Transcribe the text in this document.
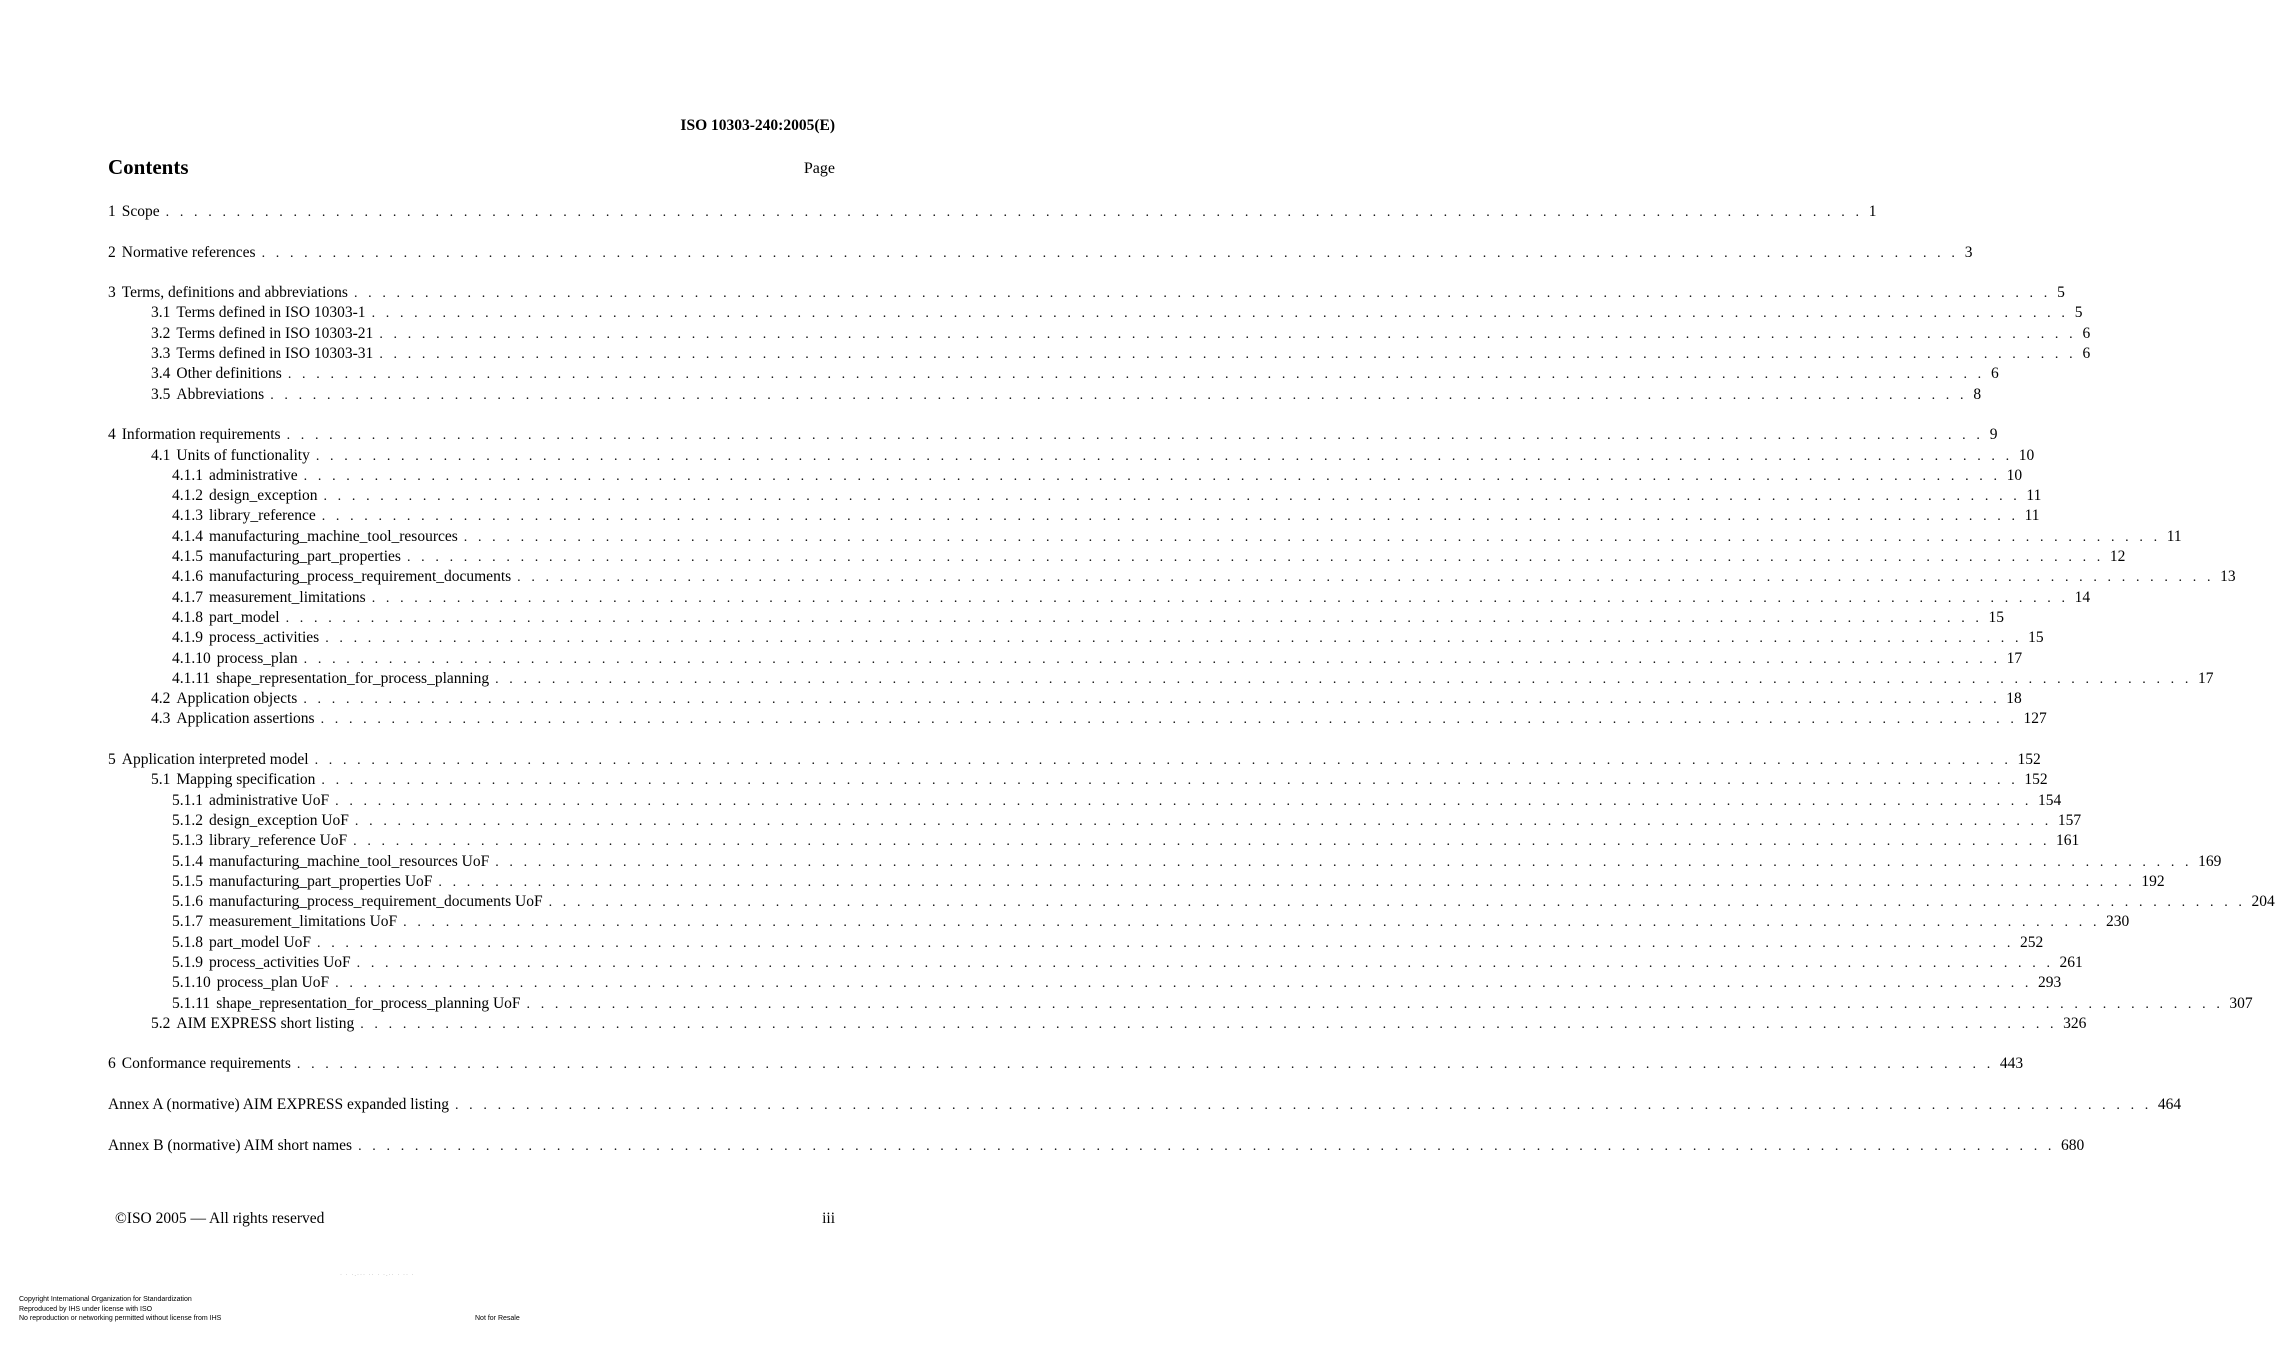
ISO 10303-240:2005(E)
Contents	Page
1 Scope . . . . . . . . . . . . . . . . . . . . . . . . . . . . . . . . . . . . . . . . . . . . . . . . . . . . . . . . . . . . . . . . . . . . . . . . . . . . . . . . . . . . . . . . . . . . . . . . . . . . . . . . . . . . . . . . . . . . . . . . 1
2 Normative references . . . . . . . . . . . . . . . . . . . . . . . . . . . . . . . . . . . . . . . . . . . . . . . . . . . . . . . . . . . . . . . . . . . . . . . . . . . . . . . . . . . . . . . . . . . . . . . . . . . . . . . . . . . . . . . . . . . . . . . . 3
3 Terms, definitions and abbreviations . . . . . . . . . . . . . . . . . . . . . . . . . . . . . . . . . . . . . . . . . . . . . . . . . . . . . . . . . . . . . . . . . . . . . . . . . . . . . . . . . . . . . . . . . . . . . . . . . . . . . . . . . . . . . . . . . . . . . . . . 5
3.1 Terms defined in ISO 10303-1 . . . . . . . . . . . . . . . . . . . . . . . . . . . . . . . . . . . . . . . . . . . . . . . . . . . . . . . . . . . . . . . . . . . . . . . . . . . . . . . . . . . . . . . . . . . . . . . . . . . . . . . . . . . . . . . . . . . . . . . . 5
3.2 Terms defined in ISO 10303-21 . . . . . . . . . . . . . . . . . . . . . . . . . . . . . . . . . . . . . . . . . . . . . . . . . . . . . . . . . . . . . . . . . . . . . . . . . . . . . . . . . . . . . . . . . . . . . . . . . . . . . . . . . . . . . . . . . . . . . . . . 6
3.3 Terms defined in ISO 10303-31 . . . . . . . . . . . . . . . . . . . . . . . . . . . . . . . . . . . . . . . . . . . . . . . . . . . . . . . . . . . . . . . . . . . . . . . . . . . . . . . . . . . . . . . . . . . . . . . . . . . . . . . . . . . . . . . . . . . . . . . . 6
3.4 Other definitions . . . . . . . . . . . . . . . . . . . . . . . . . . . . . . . . . . . . . . . . . . . . . . . . . . . . . . . . . . . . . . . . . . . . . . . . . . . . . . . . . . . . . . . . . . . . . . . . . . . . . . . . . . . . . . . . . . . . . . . . 6
3.5 Abbreviations . . . . . . . . . . . . . . . . . . . . . . . . . . . . . . . . . . . . . . . . . . . . . . . . . . . . . . . . . . . . . . . . . . . . . . . . . . . . . . . . . . . . . . . . . . . . . . . . . . . . . . . . . . . . . . . . . . . . . . . . 8
4 Information requirements . . . . . . . . . . . . . . . . . . . . . . . . . . . . . . . . . . . . . . . . . . . . . . . . . . . . . . . . . . . . . . . . . . . . . . . . . . . . . . . . . . . . . . . . . . . . . . . . . . . . . . . . . . . . . . . . . . . . . . . . 9
4.1 Units of functionality . . . . . . . . . . . . . . . . . . . . . . . . . . . . . . . . . . . . . . . . . . . . . . . . . . . . . . . . . . . . . . . . . . . . . . . . . . . . . . . . . . . . . . . . . . . . . . . . . . . . . . . . . . . . . . . . . . . . . . . . 10
4.1.1 administrative . . . . . . . . . . . . . . . . . . . . . . . . . . . . . . . . . . . . . . . . . . . . . . . . . . . . . . . . . . . . . . . . . . . . . . . . . . . . . . . . . . . . . . . . . . . . . . . . . . . . . . . . . . . . . . . . . . . . . . . . 10
4.1.2 design_exception . . . . . . . . . . . . . . . . . . . . . . . . . . . . . . . . . . . . . . . . . . . . . . . . . . . . . . . . . . . . . . . . . . . . . . . . . . . . . . . . . . . . . . . . . . . . . . . . . . . . . . . . . . . . . . . . . . . . . . . . 11
4.1.3 library_reference . . . . . . . . . . . . . . . . . . . . . . . . . . . . . . . . . . . . . . . . . . . . . . . . . . . . . . . . . . . . . . . . . . . . . . . . . . . . . . . . . . . . . . . . . . . . . . . . . . . . . . . . . . . . . . . . . . . . . . . . 11
4.1.4 manufacturing_machine_tool_resources . . . . . . . . . . . . . . . . . . . . . . . . . . . . . . . . . . . . . . . . . . . . . . . . . . . . . . . . . . . . . . . . . . . . . . . . . . . . . . . . . . . . . . . . . . . . . . . . . . . . . . . . . . . . . . . . . . . . . . . . 11
4.1.5 manufacturing_part_properties . . . . . . . . . . . . . . . . . . . . . . . . . . . . . . . . . . . . . . . . . . . . . . . . . . . . . . . . . . . . . . . . . . . . . . . . . . . . . . . . . . . . . . . . . . . . . . . . . . . . . . . . . . . . . . . . . . . . . . . . 12
4.1.6 manufacturing_process_requirement_documents . . . . . . . . . . . . . . . . . . . . . . . . . . . . . . . . . . . . . . . . . . . . . . . . . . . . . . . . . . . . . . . . . . . . . . . . . . . . . . . . . . . . . . . . . . . . . . . . . . . . . . . . . . . . . . . . . . . . . . . . 13
4.1.7 measurement_limitations . . . . . . . . . . . . . . . . . . . . . . . . . . . . . . . . . . . . . . . . . . . . . . . . . . . . . . . . . . . . . . . . . . . . . . . . . . . . . . . . . . . . . . . . . . . . . . . . . . . . . . . . . . . . . . . . . . . . . . . . 14
4.1.8 part_model . . . . . . . . . . . . . . . . . . . . . . . . . . . . . . . . . . . . . . . . . . . . . . . . . . . . . . . . . . . . . . . . . . . . . . . . . . . . . . . . . . . . . . . . . . . . . . . . . . . . . . . . . . . . . . . . . . . . . . . . 15
4.1.9 process_activities . . . . . . . . . . . . . . . . . . . . . . . . . . . . . . . . . . . . . . . . . . . . . . . . . . . . . . . . . . . . . . . . . . . . . . . . . . . . . . . . . . . . . . . . . . . . . . . . . . . . . . . . . . . . . . . . . . . . . . . . 15
4.1.10 process_plan . . . . . . . . . . . . . . . . . . . . . . . . . . . . . . . . . . . . . . . . . . . . . . . . . . . . . . . . . . . . . . . . . . . . . . . . . . . . . . . . . . . . . . . . . . . . . . . . . . . . . . . . . . . . . . . . . . . . . . . . 17
4.1.11 shape_representation_for_process_planning . . . . . . . . . . . . . . . . . . . . . . . . . . . . . . . . . . . . . . . . . . . . . . . . . . . . . . . . . . . . . . . . . . . . . . . . . . . . . . . . . . . . . . . . . . . . . . . . . . . . . . . . . . . . . . . . . . . . . . . . 17
4.2 Application objects . . . . . . . . . . . . . . . . . . . . . . . . . . . . . . . . . . . . . . . . . . . . . . . . . . . . . . . . . . . . . . . . . . . . . . . . . . . . . . . . . . . . . . . . . . . . . . . . . . . . . . . . . . . . . . . . . . . . . . . . 18
4.3 Application assertions . . . . . . . . . . . . . . . . . . . . . . . . . . . . . . . . . . . . . . . . . . . . . . . . . . . . . . . . . . . . . . . . . . . . . . . . . . . . . . . . . . . . . . . . . . . . . . . . . . . . . . . . . . . . . . . . . . . . . . . . 127
5 Application interpreted model . . . . . . . . . . . . . . . . . . . . . . . . . . . . . . . . . . . . . . . . . . . . . . . . . . . . . . . . . . . . . . . . . . . . . . . . . . . . . . . . . . . . . . . . . . . . . . . . . . . . . . . . . . . . . . . . . . . . . . . . 152
5.1 Mapping specification . . . . . . . . . . . . . . . . . . . . . . . . . . . . . . . . . . . . . . . . . . . . . . . . . . . . . . . . . . . . . . . . . . . . . . . . . . . . . . . . . . . . . . . . . . . . . . . . . . . . . . . . . . . . . . . . . . . . . . . . 152
5.1.1 administrative UoF . . . . . . . . . . . . . . . . . . . . . . . . . . . . . . . . . . . . . . . . . . . . . . . . . . . . . . . . . . . . . . . . . . . . . . . . . . . . . . . . . . . . . . . . . . . . . . . . . . . . . . . . . . . . . . . . . . . . . . . . 154
5.1.2 design_exception UoF . . . . . . . . . . . . . . . . . . . . . . . . . . . . . . . . . . . . . . . . . . . . . . . . . . . . . . . . . . . . . . . . . . . . . . . . . . . . . . . . . . . . . . . . . . . . . . . . . . . . . . . . . . . . . . . . . . . . . . . . 157
5.1.3 library_reference UoF . . . . . . . . . . . . . . . . . . . . . . . . . . . . . . . . . . . . . . . . . . . . . . . . . . . . . . . . . . . . . . . . . . . . . . . . . . . . . . . . . . . . . . . . . . . . . . . . . . . . . . . . . . . . . . . . . . . . . . . . 161
5.1.4 manufacturing_machine_tool_resources UoF . . . . . . . . . . . . . . . . . . . . . . . . . . . . . . . . . . . . . . . . . . . . . . . . . . . . . . . . . . . . . . . . . . . . . . . . . . . . . . . . . . . . . . . . . . . . . . . . . . . . . . . . . . . . . . . . . . . . . . . . 169
5.1.5 manufacturing_part_properties UoF . . . . . . . . . . . . . . . . . . . . . . . . . . . . . . . . . . . . . . . . . . . . . . . . . . . . . . . . . . . . . . . . . . . . . . . . . . . . . . . . . . . . . . . . . . . . . . . . . . . . . . . . . . . . . . . . . . . . . . . . 192
5.1.6 manufacturing_process_requirement_documents UoF . . . . . . . . . . . . . . . . . . . . . . . . . . . . . . . . . . . . . . . . . . . . . . . . . . . . . . . . . . . . . . . . . . . . . . . . . . . . . . . . . . . . . . . . . . . . . . . . . . . . . . . . . . . . . . . . . . . . . . . . 204
5.1.7 measurement_limitations UoF . . . . . . . . . . . . . . . . . . . . . . . . . . . . . . . . . . . . . . . . . . . . . . . . . . . . . . . . . . . . . . . . . . . . . . . . . . . . . . . . . . . . . . . . . . . . . . . . . . . . . . . . . . . . . . . . . . . . . . . . 230
5.1.8 part_model UoF . . . . . . . . . . . . . . . . . . . . . . . . . . . . . . . . . . . . . . . . . . . . . . . . . . . . . . . . . . . . . . . . . . . . . . . . . . . . . . . . . . . . . . . . . . . . . . . . . . . . . . . . . . . . . . . . . . . . . . . . 252
5.1.9 process_activities UoF . . . . . . . . . . . . . . . . . . . . . . . . . . . . . . . . . . . . . . . . . . . . . . . . . . . . . . . . . . . . . . . . . . . . . . . . . . . . . . . . . . . . . . . . . . . . . . . . . . . . . . . . . . . . . . . . . . . . . . . . 261
5.1.10 process_plan UoF . . . . . . . . . . . . . . . . . . . . . . . . . . . . . . . . . . . . . . . . . . . . . . . . . . . . . . . . . . . . . . . . . . . . . . . . . . . . . . . . . . . . . . . . . . . . . . . . . . . . . . . . . . . . . . . . . . . . . . . . 293
5.1.11 shape_representation_for_process_planning UoF . . . . . . . . . . . . . . . . . . . . . . . . . . . . . . . . . . . . . . . . . . . . . . . . . . . . . . . . . . . . . . . . . . . . . . . . . . . . . . . . . . . . . . . . . . . . . . . . . . . . . . . . . . . . . . . . . . . . . . . . 307
5.2 AIM EXPRESS short listing . . . . . . . . . . . . . . . . . . . . . . . . . . . . . . . . . . . . . . . . . . . . . . . . . . . . . . . . . . . . . . . . . . . . . . . . . . . . . . . . . . . . . . . . . . . . . . . . . . . . . . . . . . . . . . . . . . . . . . . . 326
6 Conformance requirements . . . . . . . . . . . . . . . . . . . . . . . . . . . . . . . . . . . . . . . . . . . . . . . . . . . . . . . . . . . . . . . . . . . . . . . . . . . . . . . . . . . . . . . . . . . . . . . . . . . . . . . . . . . . . . . . . . . . . . . . 443
Annex A (normative) AIM EXPRESS expanded listing . . . . . . . . . . . . . . . . . . . . . . . . . . . . . . . . . . . . . . . . . . . . . . . . . . . . . . . . . . . . . . . . . . . . . . . . . . . . . . . . . . . . . . . . . . . . . . . . . . . . . . . . . . . . . . . . . . . . . . . . 464
Annex B (normative) AIM short names . . . . . . . . . . . . . . . . . . . . . . . . . . . . . . . . . . . . . . . . . . . . . . . . . . . . . . . . . . . . . . . . . . . . . . . . . . . . . . . . . . . . . . . . . . . . . . . . . . . . . . . . . . . . . . . . . . . . . . . . 680
©ISO 2005 — All rights reserved	iii
· · ·.··· ·· · ·.·· · ·· ·
Copyright International Organization for Standardization
Reproduced by IHS under license with ISO
No reproduction or networking permitted without license from IHS	Not for Resale
